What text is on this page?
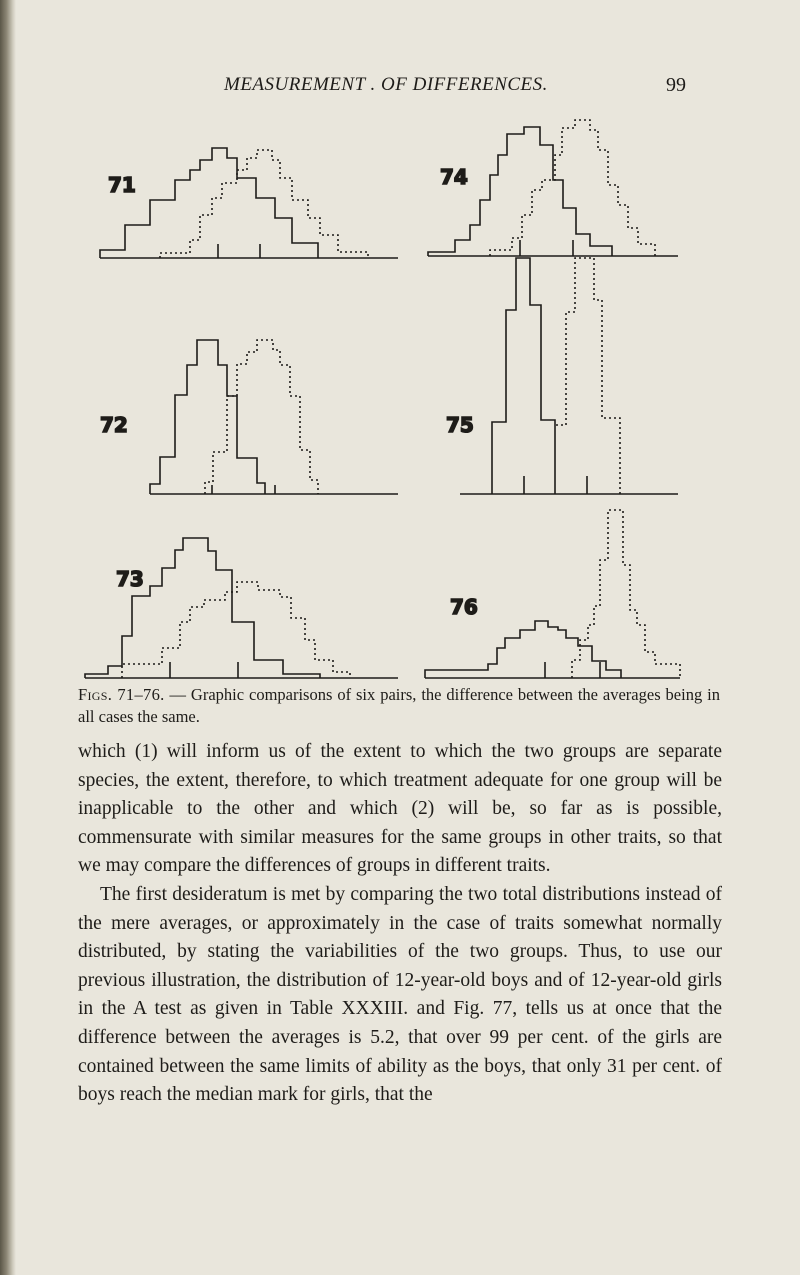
MEASUREMENT . OF DIFFERENCES.	99
71
72
73
74
75
76
Figs. 71–76. — Graphic comparisons of six pairs, the difference between the averages being in all cases the same.

which (1) will inform us of the extent to which the two groups are separate species, the extent, therefore, to which treatment adequate for one group will be inapplicable to the other and which (2) will be, so far as is possible, commensurate with similar measures for the same groups in other traits, so that we may compare the differences of groups in different traits.

The first desideratum is met by comparing the two total distributions instead of the mere averages, or approximately in the case of traits somewhat normally distributed, by stating the variabilities of the two groups. Thus, to use our previous illustration, the distribution of 12-year-old boys and of 12-year-old girls in the A test as given in Table XXXIII. and Fig. 77, tells us at once that the difference between the averages is 5.2, that over 99 per cent. of the girls are contained between the same limits of ability as the boys, that only 31 per cent. of boys reach the median mark for girls, that the
